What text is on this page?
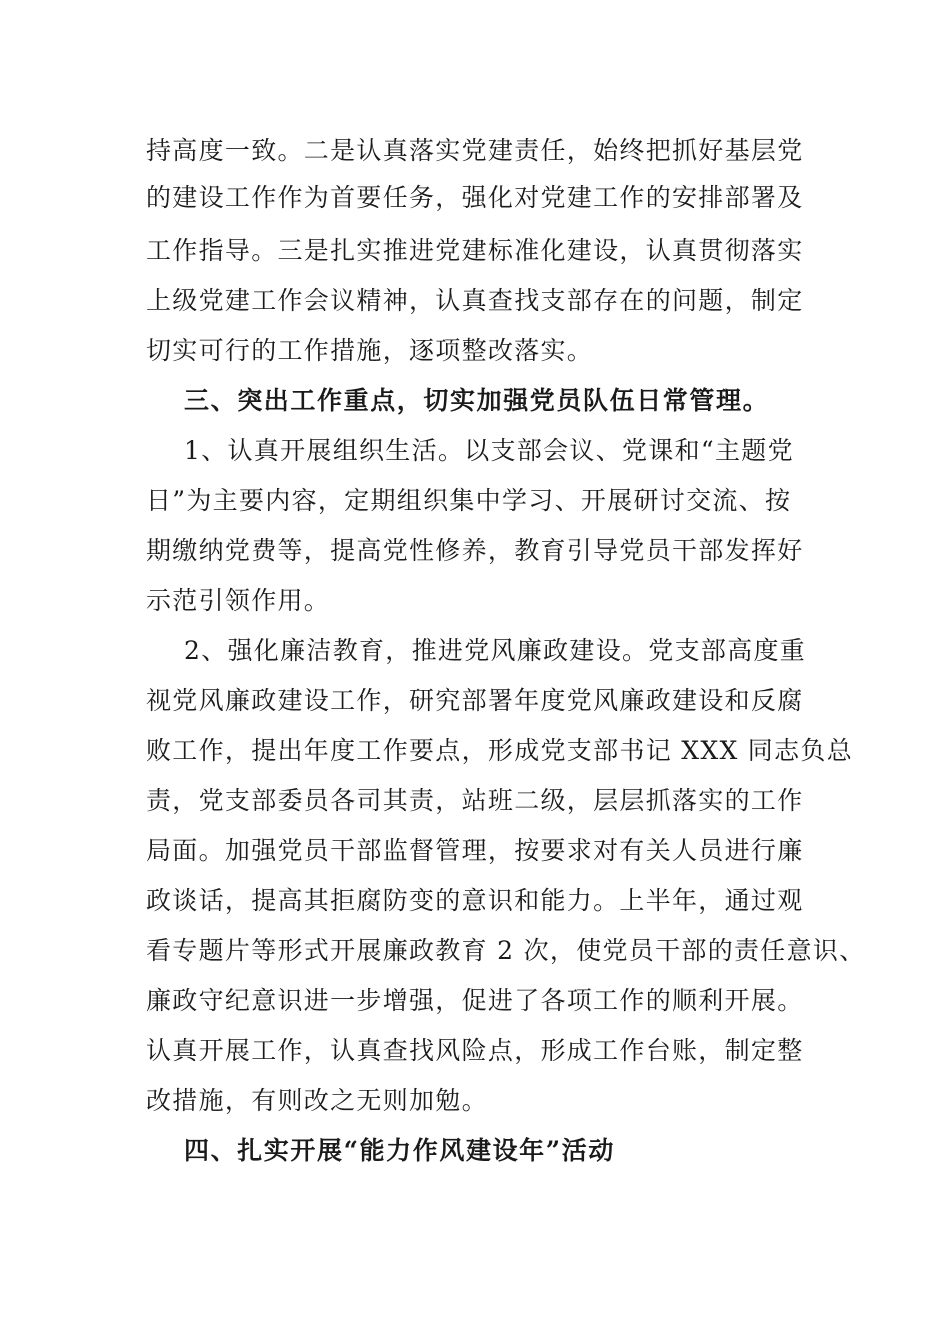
持高度一致。二是认真落实党建责任，始终把抓好基层党
的建设工作作为首要任务，强化对党建工作的安排部署及
工作指导。三是扎实推进党建标准化建设，认真贯彻落实
上级党建工作会议精神，认真查找支部存在的问题，制定
切实可行的工作措施，逐项整改落实。
三、突出工作重点，切实加强党员队伍日常管理。
1、认真开展组织生活。以支部会议、党课和“主题党
日”为主要内容，定期组织集中学习、开展研讨交流、按
期缴纳党费等，提高党性修养，教育引导党员干部发挥好
示范引领作用。
2、强化廉洁教育，推进党风廉政建设。党支部高度重
视党风廉政建设工作，研究部署年度党风廉政建设和反腐
败工作，提出年度工作要点，形成党支部书记 XXX 同志负总
责，党支部委员各司其责，站班二级，层层抓落实的工作
局面。加强党员干部监督管理，按要求对有关人员进行廉
政谈话，提高其拒腐防变的意识和能力。上半年，通过观
看专题片等形式开展廉政教育 2 次，使党员干部的责任意识、
廉政守纪意识进一步增强，促进了各项工作的顺利开展。
认真开展工作，认真查找风险点，形成工作台账，制定整
改措施，有则改之无则加勉。
四、扎实开展“能力作风建设年”活动
